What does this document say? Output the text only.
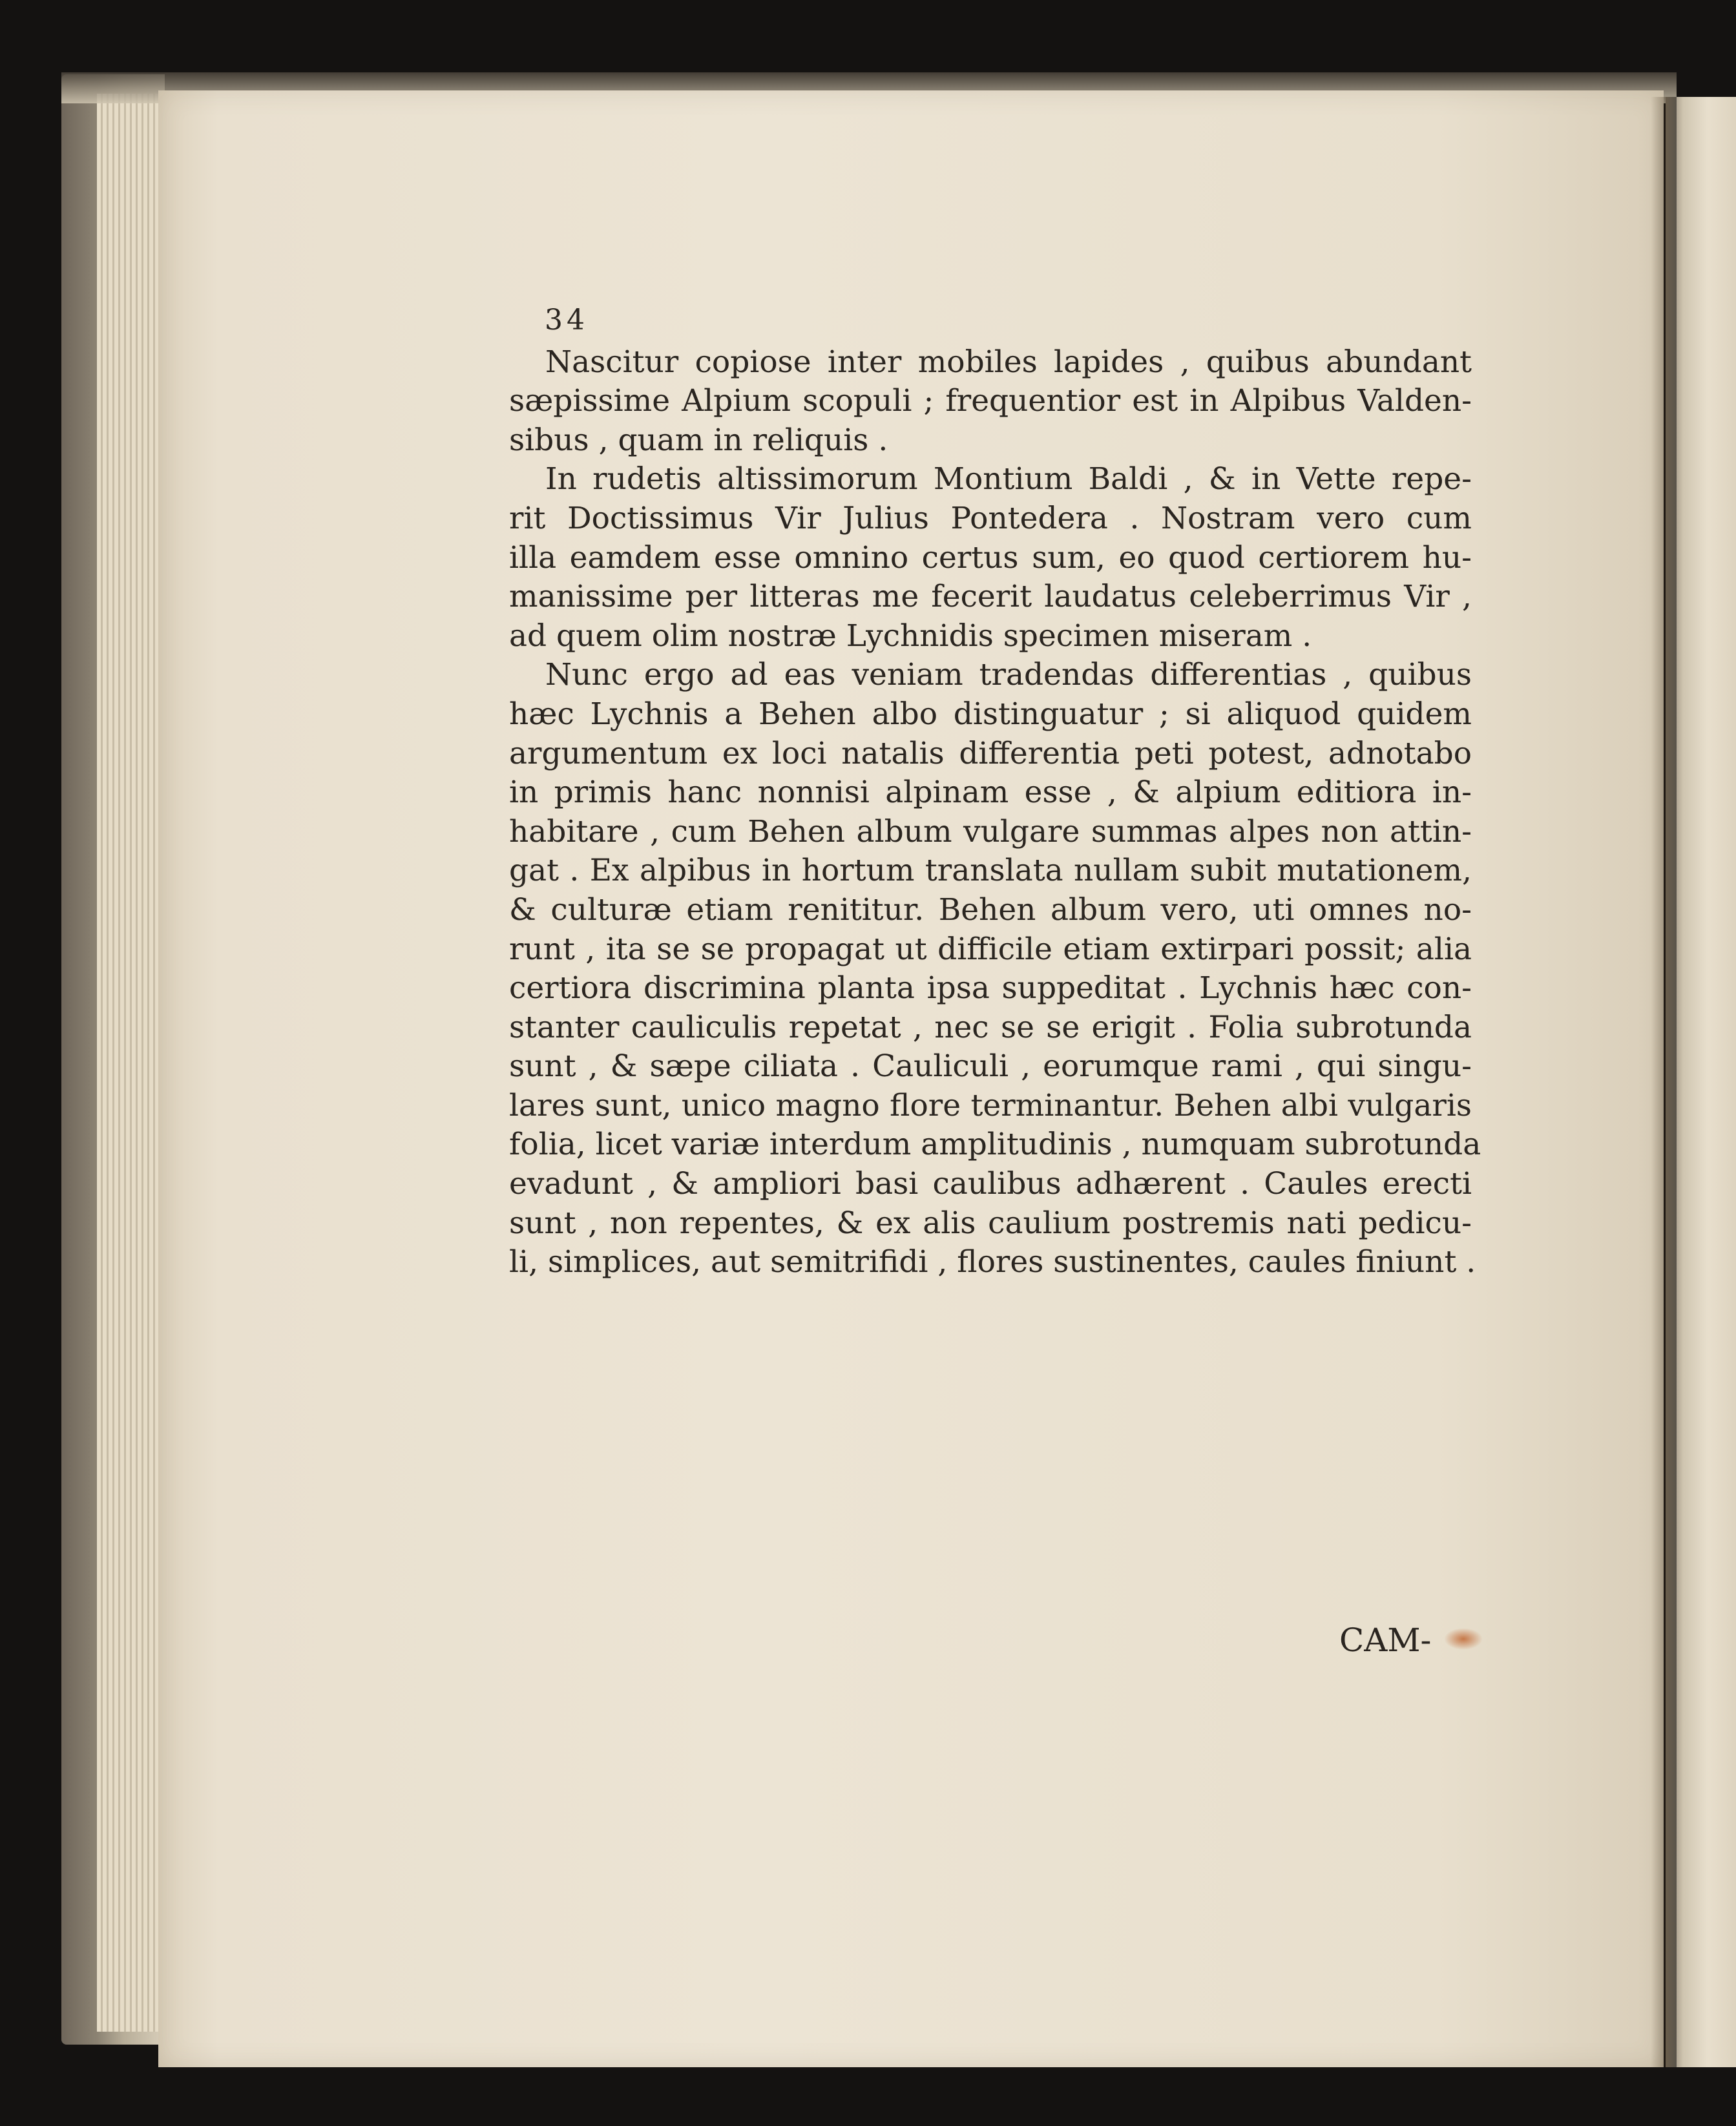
34

Nascitur copiose inter mobiles lapides , quibus abundant
sæpissime Alpium scopuli ; frequentior est in Alpibus Valden-
sibus , quam in reliquis .
In rudetis altissimorum Montium Baldi , & in Vette repe-
rit Doctissimus Vir Julius Pontedera . Nostram vero cum
illa eamdem esse omnino certus sum, eo quod certiorem hu-
manissime per litteras me fecerit laudatus celeberrimus Vir ,
ad quem olim nostræ Lychnidis specimen miseram .
Nunc ergo ad eas veniam tradendas differentias , quibus
hæc Lychnis a Behen albo distinguatur ; si aliquod quidem
argumentum ex loci natalis differentia peti potest, adnotabo
in primis hanc nonnisi alpinam esse , & alpium editiora in-
habitare , cum Behen album vulgare summas alpes non attin-
gat . Ex alpibus in hortum translata nullam subit mutationem,
& culturæ etiam renititur. Behen album vero, uti omnes no-
runt , ita se se propagat ut difficile etiam extirpari possit; alia
certiora discrimina planta ipsa suppeditat . Lychnis hæc con-
stanter cauliculis repetat , nec se se erigit . Folia subrotunda
sunt , & sæpe ciliata . Cauliculi , eorumque rami , qui singu-
lares sunt, unico magno flore terminantur. Behen albi vulgaris
folia, licet variæ interdum amplitudinis , numquam subrotunda
evadunt , & ampliori basi caulibus adhærent . Caules erecti
sunt , non repentes, & ex alis caulium postremis nati pedicu-
li, simplices, aut semitrifidi , flores sustinentes, caules finiunt .
CAM-
